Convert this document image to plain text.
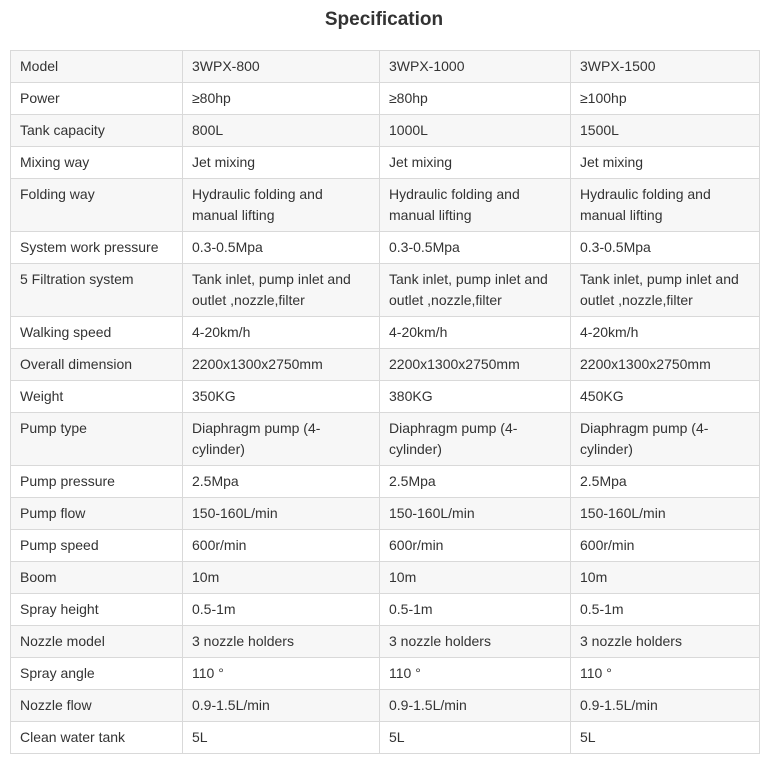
Specification
Model	3WPX-800	3WPX-1000	3WPX-1500
Power	≥80hp	≥80hp	≥100hp
Tank capacity	800L	1000L	1500L
Mixing way	Jet mixing	Jet mixing	Jet mixing
Folding way	Hydraulic folding and manual lifting	Hydraulic folding and manual lifting	Hydraulic folding and manual lifting
System work pressure	0.3-0.5Mpa	0.3-0.5Mpa	0.3-0.5Mpa
5 Filtration system	Tank inlet, pump inlet and outlet ,nozzle,filter	Tank inlet, pump inlet and outlet ,nozzle,filter	Tank inlet, pump inlet and outlet ,nozzle,filter
Walking speed	4-20km/h	4-20km/h	4-20km/h
Overall dimension	2200x1300x2750mm	2200x1300x2750mm	2200x1300x2750mm
Weight	350KG	380KG	450KG
Pump type	Diaphragm pump (4-cylinder)	Diaphragm pump (4-cylinder)	Diaphragm pump (4-cylinder)
Pump pressure	2.5Mpa	2.5Mpa	2.5Mpa
Pump flow	150-160L/min	150-160L/min	150-160L/min
Pump speed	600r/min	600r/min	600r/min
Boom	10m	10m	10m
Spray height	0.5-1m	0.5-1m	0.5-1m
Nozzle model	3 nozzle holders	3 nozzle holders	3 nozzle holders
Spray angle	110 °	110 °	110 °
Nozzle flow	0.9-1.5L/min	0.9-1.5L/min	0.9-1.5L/min
Clean water tank	5L	5L	5L
